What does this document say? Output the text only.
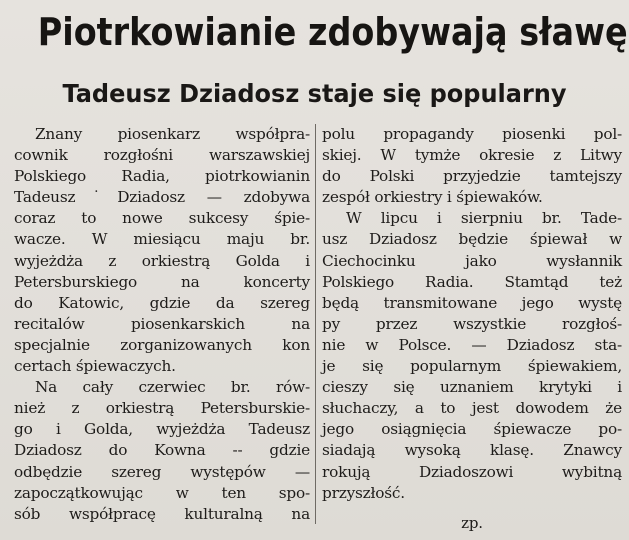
Piotrkowianie zdobywają sławę
Tadeusz Dziadosz staje się popularny
Znany piosenkarz współpra-
cownik rozgłośni warszawskiej
Polskiego Radia, piotrkowianin
Tadeusz˙Dziadosz — zdobywa
coraz to nowe sukcesy śpie-
wacze. W miesiącu maju br.
wyjeżdża z orkiestrą Golda i
Petersburskiego na koncerty
do Katowic, gdzie da szereg
recitalów piosenkarskich na
specjalnie zorganizowanych kon
certach śpiewaczych.
Na cały czerwiec br. rów-
nież z orkiestrą Petersburskie-
go i Golda, wyjeżdża Tadeusz
Dziadosz do Kowna -- gdzie
odbędzie szereg występów —
zapoczątkowując w ten spo-
sób współpracę kulturalną na
polu propagandy piosenki pol-
skiej. W tymże okresie z Litwy
do Polski przyjedzie tamtejszy
zespół orkiestry i śpiewaków.
W lipcu i sierpniu br. Tade-
usz Dziadosz będzie śpiewał w
Ciechocinku jako wysłannik
Polskiego Radia. Stamtąd też
będą transmitowane jego wystę
py przez wszystkie rozgłoś-
nie w Polsce. — Dziadosz sta-
je się popularnym śpiewakiem,
cieszy się uznaniem krytyki i
słuchaczy, a to jest dowodem że
jego osiągnięcia śpiewacze po-
siadają wysoką klasę. Znawcy
rokują Dziadoszowi wybitną
przyszłość.
zp.
